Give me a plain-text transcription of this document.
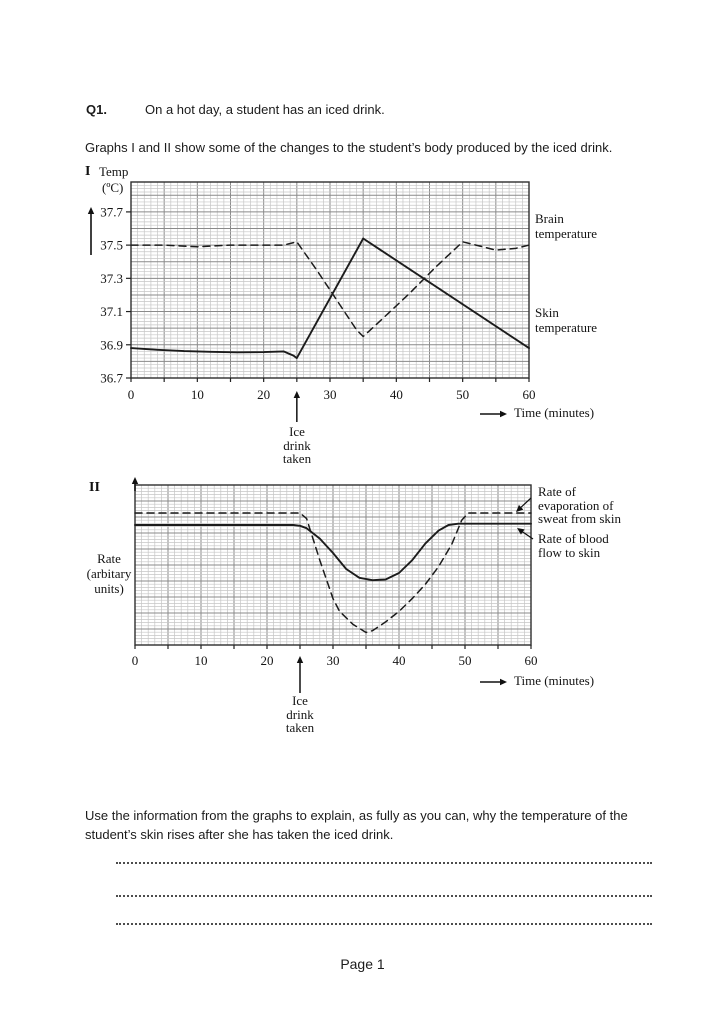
Q1.	On a hot day, a student has an iced drink.
Graphs I and II show some of the changes to the student’s body produced by the iced drink.
0	10	20	30	40	50	60
37.7
37.5
37.3
37.1
36.9
36.7
I Temp
(ºC)
Brain
temperature
Skin
temperature
Ice
drink
taken
Time (minutes)
0	10	20	30	40	50	60
II
Rate
(arbitary
units)
Rate of
evaporation of
sweat from skin
Rate of blood
flow to skin
Ice
drink
taken
Time (minutes)
Use the information from the graphs to explain, as fully as you can, why the temperature of the
student’s skin rises after she has taken the iced drink.
Page 1
